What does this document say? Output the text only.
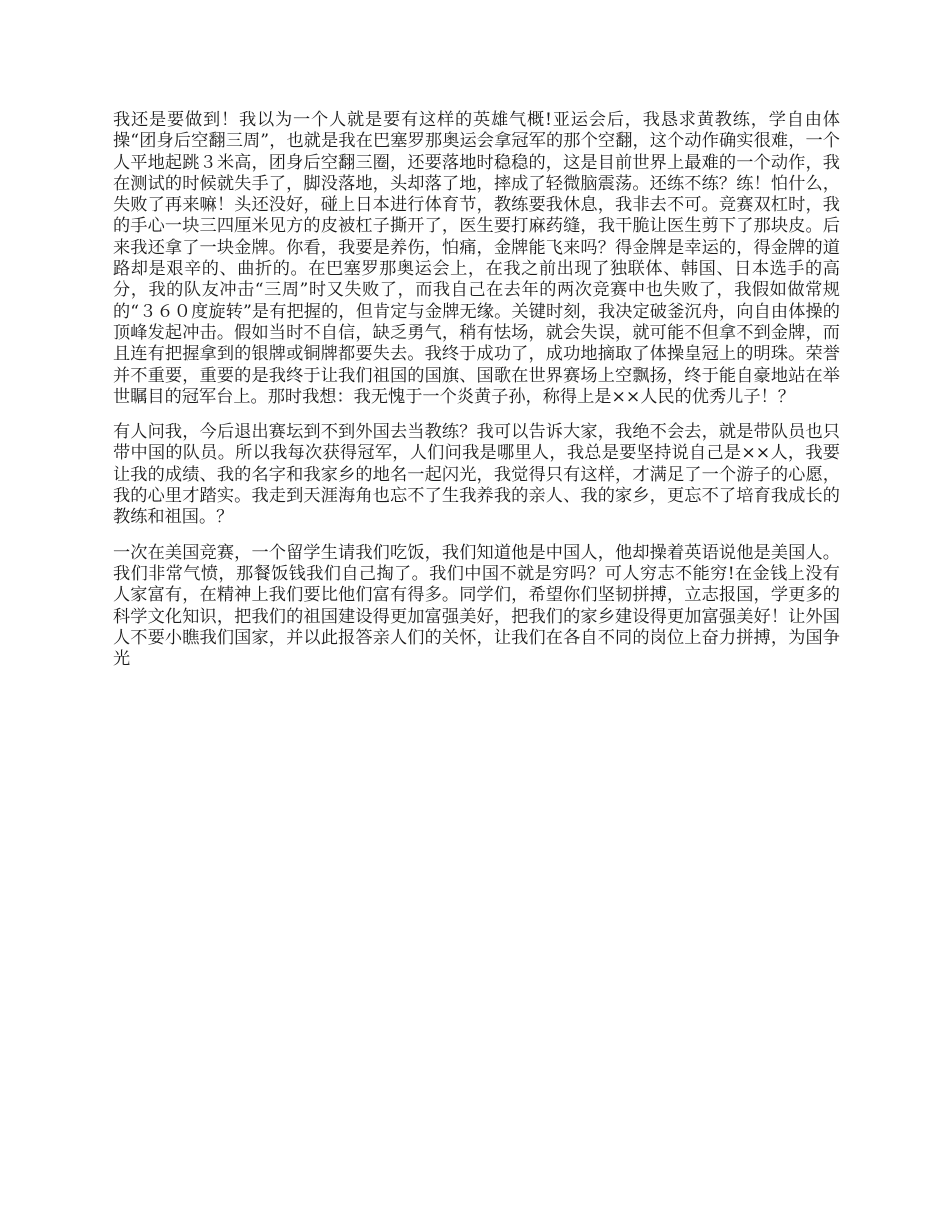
我还是要做到！我以为一个人就是要有这样的英雄气概!亚运会后，我恳求黄教练，学自由体操“团身后空翻三周”，也就是我在巴塞罗那奥运会拿冠军的那个空翻，这个动作确实很难，一个人平地起跳３米高，团身后空翻三圈，还要落地时稳稳的，这是目前世界上最难的一个动作，我在测试的时候就失手了，脚没落地，头却落了地，摔成了轻微脑震荡。还练不练？练！怕什么，失败了再来嘛！头还没好，碰上日本进行体育节，教练要我休息，我非去不可。竞赛双杠时，我的手心一块三四厘米见方的皮被杠子撕开了，医生要打麻药缝，我干脆让医生剪下了那块皮。后来我还拿了一块金牌。你看，我要是养伤，怕痛，金牌能飞来吗？得金牌是幸运的，得金牌的道路却是艰辛的、曲折的。在巴塞罗那奥运会上，在我之前出现了独联体、韩国、日本选手的高分，我的队友冲击“三周”时又失败了，而我自己在去年的两次竞赛中也失败了，我假如做常规的“３６０度旋转”是有把握的，但肯定与金牌无缘。关键时刻，我决定破釜沉舟，向自由体操的顶峰发起冲击。假如当时不自信，缺乏勇气，稍有怯场，就会失误，就可能不但拿不到金牌，而且连有把握拿到的银牌或铜牌都要失去。我终于成功了，成功地摘取了体操皇冠上的明珠。荣誉并不重要，重要的是我终于让我们祖国的国旗、国歌在世界赛场上空飘扬，终于能自豪地站在举世瞩目的冠军台上。那时我想：我无愧于一个炎黄子孙，称得上是××人民的优秀儿子！？

有人问我，今后退出赛坛到不到外国去当教练？我可以告诉大家，我绝不会去，就是带队员也只带中国的队员。所以我每次获得冠军，人们问我是哪里人，我总是要坚持说自己是××人，我要让我的成绩、我的名字和我家乡的地名一起闪光，我觉得只有这样，才满足了一个游子的心愿，我的心里才踏实。我走到天涯海角也忘不了生我养我的亲人、我的家乡，更忘不了培育我成长的教练和祖国。？

一次在美国竞赛，一个留学生请我们吃饭，我们知道他是中国人，他却操着英语说他是美国人。我们非常气愤，那餐饭钱我们自己掏了。我们中国不就是穷吗？可人穷志不能穷!在金钱上没有人家富有，在精神上我们要比他们富有得多。同学们，希望你们坚韧拼搏，立志报国，学更多的科学文化知识，把我们的祖国建设得更加富强美好，把我们的家乡建设得更加富强美好！让外国人不要小瞧我们国家，并以此报答亲人们的关怀，让我们在各自不同的岗位上奋力拼搏，为国争光
